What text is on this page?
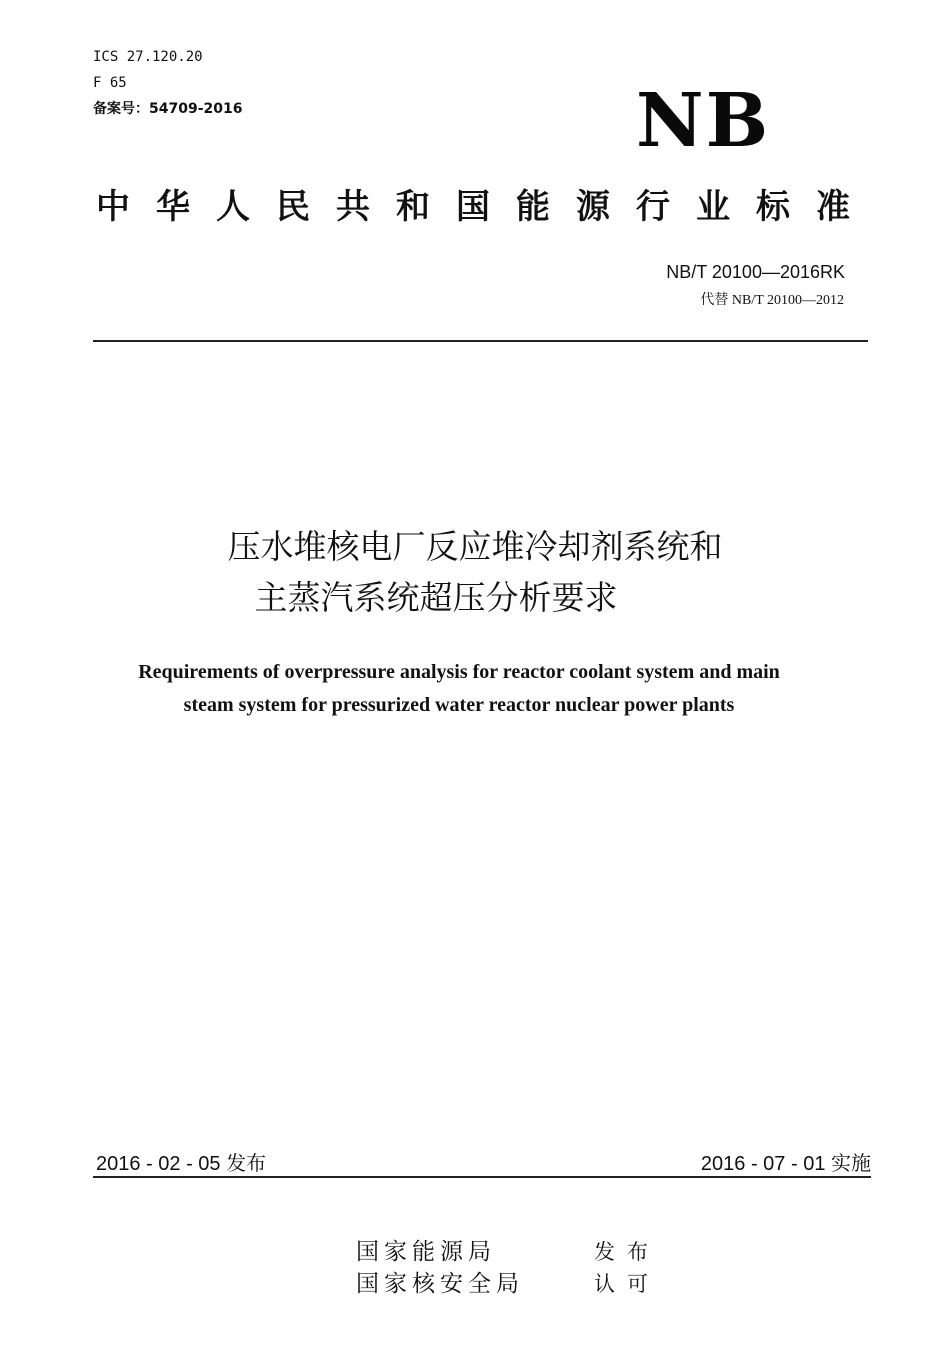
ICS 27.120.20
F 65
备案号：54709-2016	NB
中华人民共和国能源行业标准
NB/T 20100—2016RK
代替 NB/T 20100—2012
压水堆核电厂反应堆冷却剂系统和
主蒸汽系统超压分析要求
Requirements of overpressure analysis for reactor coolant system and main
steam system for pressurized water reactor nuclear power plants
2016 - 02 - 05 发布	2016 - 07 - 01 实施
国家能源局	发布
国家核安全局	认可
